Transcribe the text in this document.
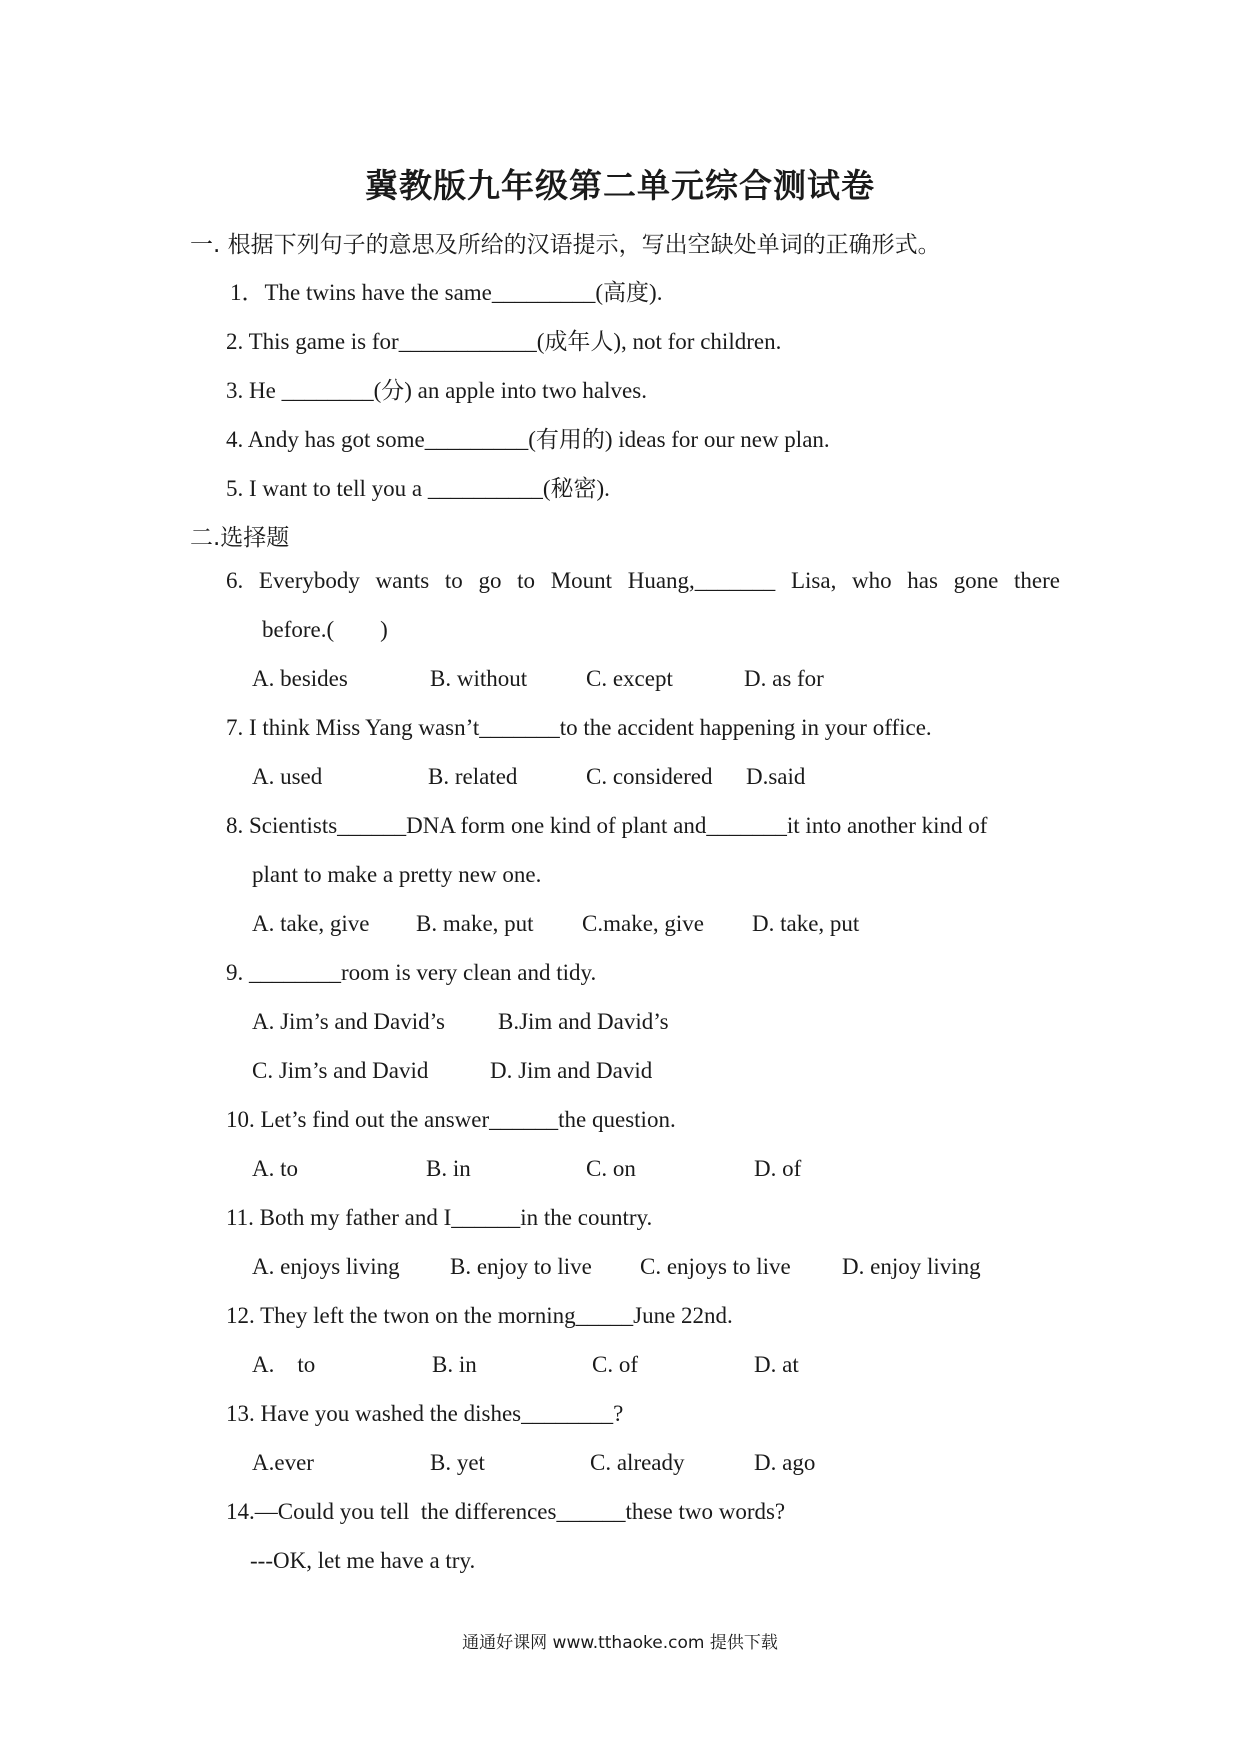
冀教版九年级第二单元综合测试卷
一. 根据下列句子的意思及所给的汉语提示，写出空缺处单词的正确形式。
1．The twins have the same_________(高度).
2. This game is for____________(成年人), not for children.
3. He ________(分) an apple into two halves.
4. Andy has got some_________(有用的) ideas for our new plan.
5. I want to tell you a __________(秘密).
二.选择题
6. Everybody wants to go to Mount Huang,_______ Lisa, who has gone there
before.(        )

A. besides

	B. without

	C. except

	D. as for

7. I think Miss Yang wasn’t_______to the accident happening in your office.

A. used

	B. related

	C. considered

D.said

8. Scientists______DNA form one kind of plant and_______it into another kind of
plant to make a pretty new one.

A. take, give

B. make, put

C.make, give

D. take, put

9. ________room is very clean and tidy.

A. Jim’s and David’s

B.Jim and David’s

C. Jim’s and David

	D. Jim and David

10. Let’s find out the answer______the question.

A. to

	B. in

	C. on

	D. of

11. Both my father and I______in the country.

A. enjoys living

B. enjoy to live

C. enjoys to live

D. enjoy living

12. They left the twon on the morning_____June 22nd.

A.    to

	B. in

	C. of

	D. at

13. Have you washed the dishes________?

A.ever

	B. yet

	C. already

	D. ago

14.—Could you tell  the differences______these two words?
---OK, let me have a try.
通通好课网 www.tthaoke.com 提供下载
